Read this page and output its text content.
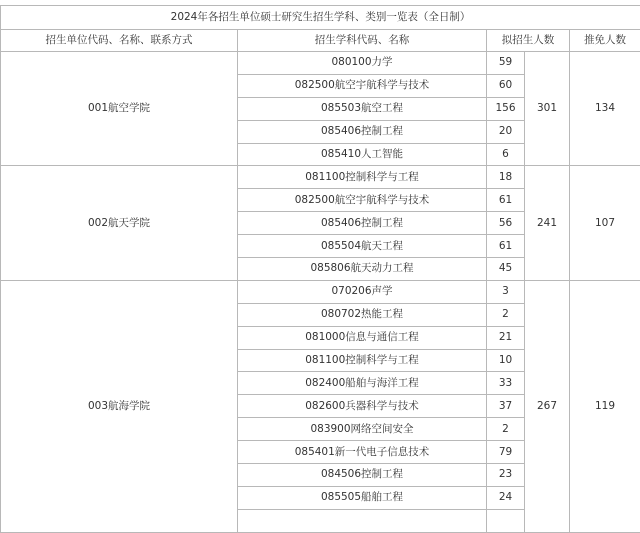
2024年各招生单位硕士研究生招生学科、类别一览表（全日制）				
招生单位代码、名称、联系方式	招生学科代码、名称	拟招生人数		推免人数
001航空学院	080100力学	59	301	134
	082500航空宇航科学与技术	60		
	085503航空工程	156		
	085406控制工程	20		
	085410人工智能	6		
002航天学院	081100控制科学与工程	18	241	107
	082500航空宇航科学与技术	61		
	085406控制工程	56		
	085504航天工程	61		
	085806航天动力工程	45		
003航海学院	070206声学	3	267	119
	080702热能工程	2		
	081000信息与通信工程	21		
	081100控制科学与工程	10		
	082400船舶与海洋工程	33		
	082600兵器科学与技术	37		
	083900网络空间安全	2		
	085401新一代电子信息技术	79		
	084506控制工程	23		
	085505船舶工程	24		
